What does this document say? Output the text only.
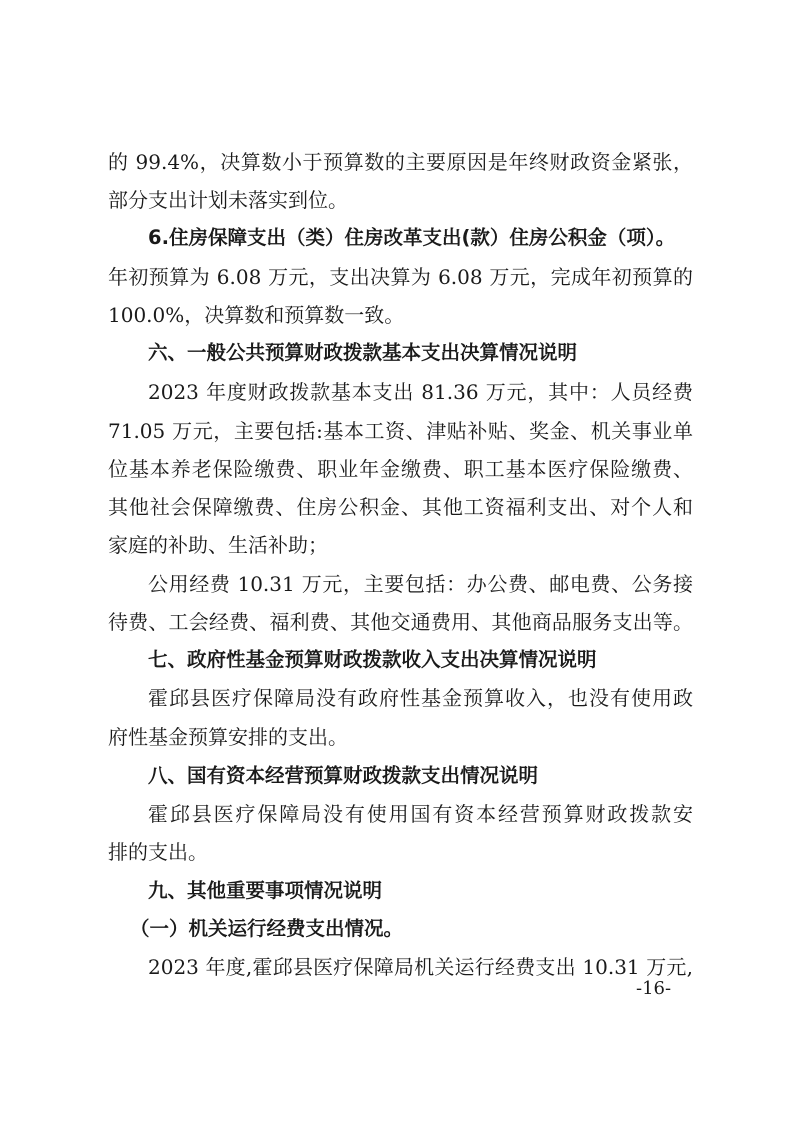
的 99.4%，决算数小于预算数的主要原因是年终财政资金紧张，

部分支出计划未落实到位。

6.住房保障支出（类）住房改革支出(款）住房公积金（项）。

年初预算为 6.08 万元，支出决算为 6.08 万元，完成年初预算的

100.0%，决算数和预算数一致。

六、一般公共预算财政拨款基本支出决算情况说明

2023 年度财政拨款基本支出 81.36 万元，其中：人员经费

71.05 万元，主要包括:基本工资、津贴补贴、奖金、机关事业单

位基本养老保险缴费、职业年金缴费、职工基本医疗保险缴费、

其他社会保障缴费、住房公积金、其他工资福利支出、对个人和

家庭的补助、生活补助；

公用经费 10.31 万元，主要包括：办公费、邮电费、公务接

待费、工会经费、福利费、其他交通费用、其他商品服务支出等。

七、政府性基金预算财政拨款收入支出决算情况说明

霍邱县医疗保障局没有政府性基金预算收入，也没有使用政

府性基金预算安排的支出。

八、国有资本经营预算财政拨款支出情况说明

霍邱县医疗保障局没有使用国有资本经营预算财政拨款安

排的支出。

九、其他重要事项情况说明

（一）机关运行经费支出情况。

2023 年度,霍邱县医疗保障局机关运行经费支出 10.31 万元,

-16-
